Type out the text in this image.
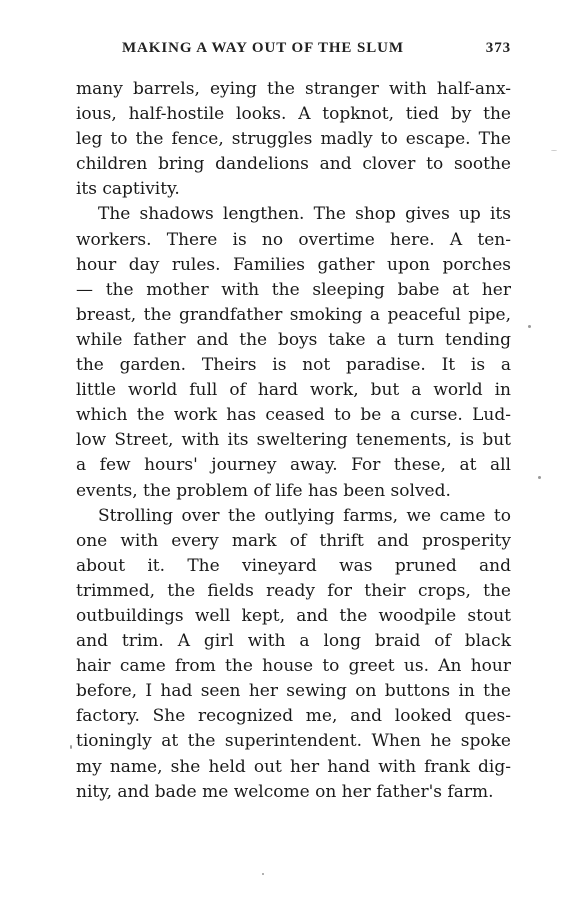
MAKING A WAY OUT OF THE SLUM	373
many barrels, eying the stranger with half-anx-
ious, half-hostile looks. A topknot, tied by the
leg to the fence, struggles madly to escape. The
children bring dandelions and clover to soothe
its captivity.
The shadows lengthen. The shop gives up its
workers. There is no overtime here. A ten-
hour day rules. Families gather upon porches
— the mother with the sleeping babe at her
breast, the grandfather smoking a peaceful pipe,
while father and the boys take a turn tending
the garden. Theirs is not paradise. It is a
little world full of hard work, but a world in
which the work has ceased to be a curse. Lud-
low Street, with its sweltering tenements, is but
a few hours' journey away. For these, at all
events, the problem of life has been solved.
Strolling over the outlying farms, we came to
one with every mark of thrift and prosperity
about it. The vineyard was pruned and
trimmed, the fields ready for their crops, the
outbuildings well kept, and the woodpile stout
and trim. A girl with a long braid of black
hair came from the house to greet us. An hour
before, I had seen her sewing on buttons in the
factory. She recognized me, and looked ques-
tioningly at the superintendent. When he spoke
my name, she held out her hand with frank dig-
nity, and bade me welcome on her father's farm.
